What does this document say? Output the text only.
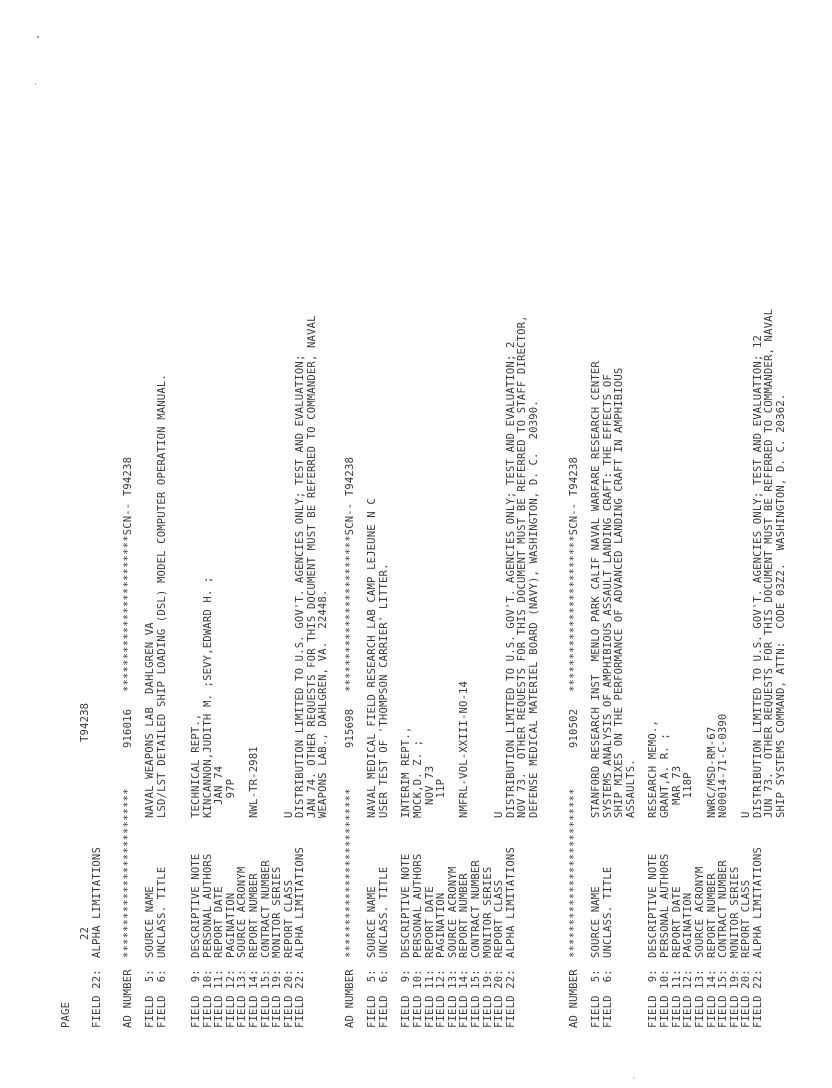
PAGE
22
T94238
FIELD 22:
ALPHA LIMITATIONS
AD NUMBER
**************************
916016
************************SCN-- T94238
FIELD  5:
SOURCE NAME
NAVAL WEAPONS LAB  DAHLGREN VA
FIELD  6:
UNCLASS. TITLE
LSD/LST DETAILED SHIP LOADING (DSL) MODEL COMPUTER OPERATION MANUAL.
FIELD  9:
DESCRIPTIVE NOTE
TECHNICAL REPT.,
FIELD 10:
PERSONAL AUTHORS
KINCANNON,JUDITH M. ;SEVY,EDWARD H. ;
FIELD 11:
REPORT DATE
JAN 74
FIELD 12:
PAGINATION
97P
FIELD 13:
SOURCE ACRONYM
FIELD 14:
REPORT NUMBER
NWL-TR-2981
FIELD 15:
CONTRACT NUMBER
FIELD 19:
MONITOR SERIES
FIELD 20:
REPORT CLASS
U
FIELD 22:
ALPHA LIMITATIONS
DISTRIBUTION LIMITED TO U.S. GOV'T. AGENCIES ONLY; TEST AND EVALUATION; JAN 74. OTHER REQUESTS FOR THIS DOCUMENT MUST BE REFERRED TO COMMANDER, NAVAL WEAPONS LAB., DAHLGREN, VA.  22448.
AD NUMBER
**************************
915698
************************SCN-- T94238
FIELD  5:
SOURCE NAME
NAVAL MEDICAL FIELD RESEARCH LAB CAMP LEJEUNE N C
FIELD  6:
UNCLASS. TITLE
USER TEST OF 'THOMPSON CARRIER' LITTER.
FIELD  9:
DESCRIPTIVE NOTE
INTERIM REPT.,
FIELD 10:
PERSONAL AUTHORS
MOCK,D. Z. ;
FIELD 11:
REPORT DATE
NOV 73
FIELD 12:
PAGINATION
11P
FIELD 13:
SOURCE ACRONYM
FIELD 14:
REPORT NUMBER
NMFRL-VOL-XXIII-NO-14
FIELD 15:
CONTRACT NUMBER
FIELD 19:
MONITOR SERIES
FIELD 20:
REPORT CLASS
U
FIELD 22:
ALPHA LIMITATIONS
DISTRIBUTION LIMITED TO U.S. GOV'T. AGENCIES ONLY; TEST AND EVALUATION; 2 NOV 73.  OTHER REQUESTS FOR THIS DOCUMENT MUST BE REFERRED TO STAFF DIRECTOR, DEFENSE MEDICAL MATERIEL BOARD (NAVY), WASHINGTON, D. C.  20390.
AD NUMBER
**************************
910502
************************SCN-- T94238
FIELD  5:
SOURCE NAME
STANFORD RESEARCH INST  MENLO PARK CALIF NAVAL WARFARE RESEARCH CENTER
FIELD  6:
UNCLASS. TITLE
SYSTEMS ANALYSIS OF AMPHIBIOUS ASSAULT LANDING CRAFT: THE EFFECTS OF SHIP MIXES ON THE PERFORMANCE OF ADVANCED LANDING CRAFT IN AMPHIBIOUS ASSAULTS.
FIELD  9:
DESCRIPTIVE NOTE
RESEARCH MEMO.,
FIELD 10:
PERSONAL AUTHORS
GRANT,A. R. ;
FIELD 11:
REPORT DATE
MAR 73
FIELD 12:
PAGINATION
118P
FIELD 13:
SOURCE ACRONYM
FIELD 14:
REPORT NUMBER
NWRC/MSD-RM-67
FIELD 15:
CONTRACT NUMBER
N00014-71-C-0390
FIELD 19:
MONITOR SERIES
FIELD 20:
REPORT CLASS
U
FIELD 22:
ALPHA LIMITATIONS
DISTRIBUTION LIMITED TO U.S. GOV'T. AGENCIES ONLY; TEST AND EVALUATION; 12 JUN 73.  OTHER REQUESTS FOR THIS DOCUMENT MUST BE REFERRED TO COMMANDER, NAVAL SHIP SYSTEMS COMMAND, ATTN:  CODE 03Z2.  WASHINGTON, D. C. 20362.
